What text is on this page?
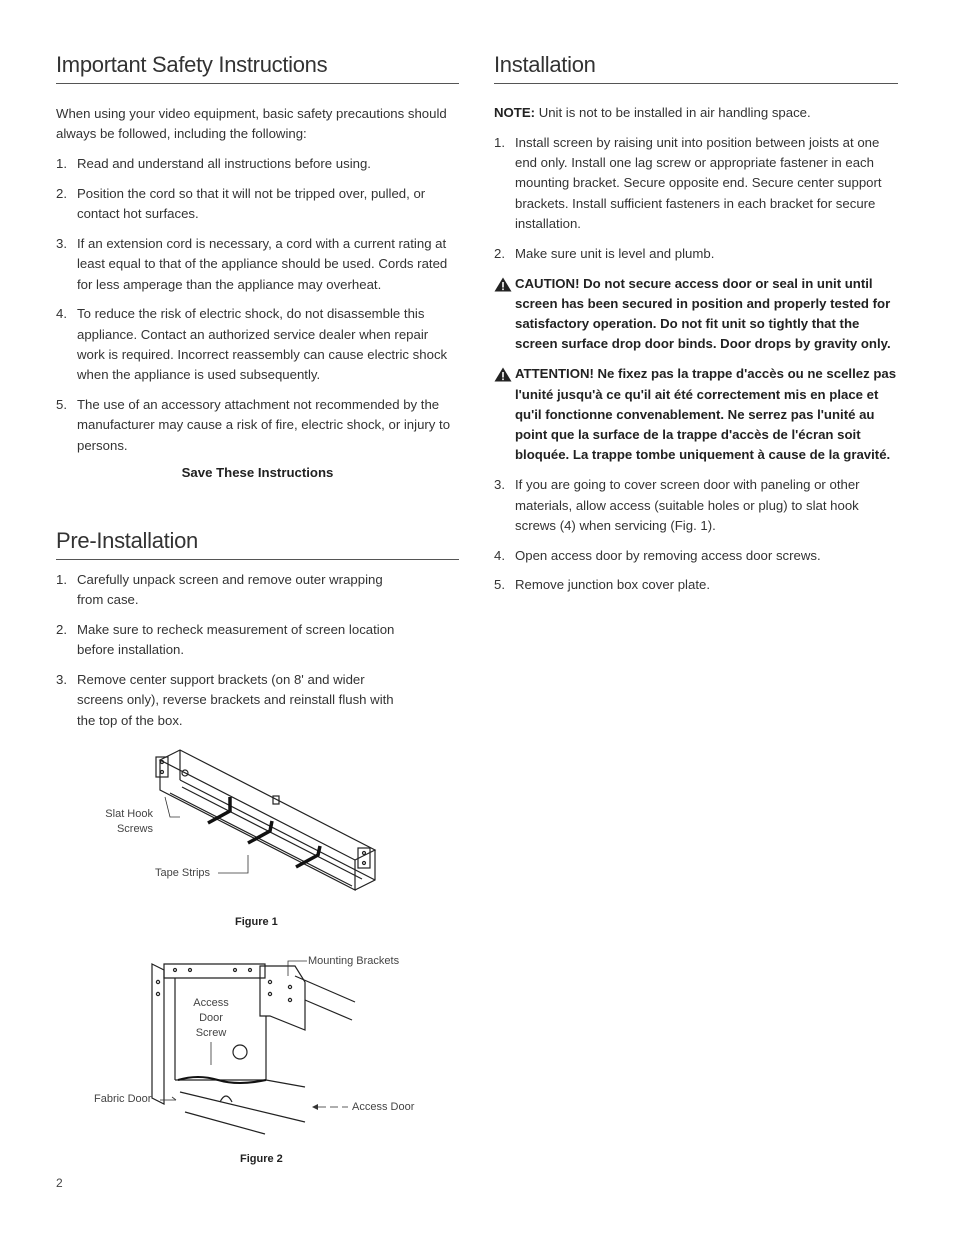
Important Safety Instructions

When using your video equipment, basic safety precautions should always be followed, including the following:

1. Read and understand all instructions before using.
2. Position the cord so that it will not be tripped over, pulled, or contact hot surfaces.
3. If an extension cord is necessary, a cord with a current rating at least equal to that of the appliance should be used. Cords rated for less amperage than the appliance may overheat.
4. To reduce the risk of electric shock, do not disassemble this appliance. Contact an authorized service dealer when repair work is required. Incorrect reassembly can cause electric shock when the appliance is used subsequently.
5. The use of an accessory attachment not recommended by the manufacturer may cause a risk of fire, electric shock, or injury to persons.
Save These Instructions
Pre-Installation
1. Carefully unpack screen and remove outer wrapping from case.
2. Make sure to recheck measurement of screen location before installation.
3. Remove center support brackets (on 8' and wider screens only), reverse brackets and reinstall flush with the top of the box.
Slat Hook
Screws
Tape Strips
Figure 1
Mounting Brackets
Access
Door
Screw
Fabric Door
Access Door
Figure 2
Installation

NOTE: Unit is not to be installed in air handling space.

1. Install screen by raising unit into position between joists at one end only. Install one lag screw or appropriate fastener in each mounting bracket. Secure opposite end. Secure center support brackets. Install sufficient fasteners in each bracket for secure installation.
2. Make sure unit is level and plumb.
CAUTION! Do not secure access door or seal in unit until screen has been secured in position and properly tested for satisfactory operation. Do not fit unit so tightly that the screen surface drop door binds. Door drops by gravity only.
ATTENTION! Ne fixez pas la trappe d'accès ou ne scellez pas l'unité jusqu'à ce qu'il ait été correctement mis en place et qu'il fonctionne convenablement. Ne serrez pas l'unité au point que la surface de la trappe d'accès de l'écran soit bloquée. La trappe tombe uniquement à cause de la gravité.
3. If you are going to cover screen door with paneling or other materials, allow access (suitable holes or plug) to slat hook screws (4) when servicing (Fig. 1).
4. Open access door by removing access door screws.
5. Remove junction box cover plate.
2
